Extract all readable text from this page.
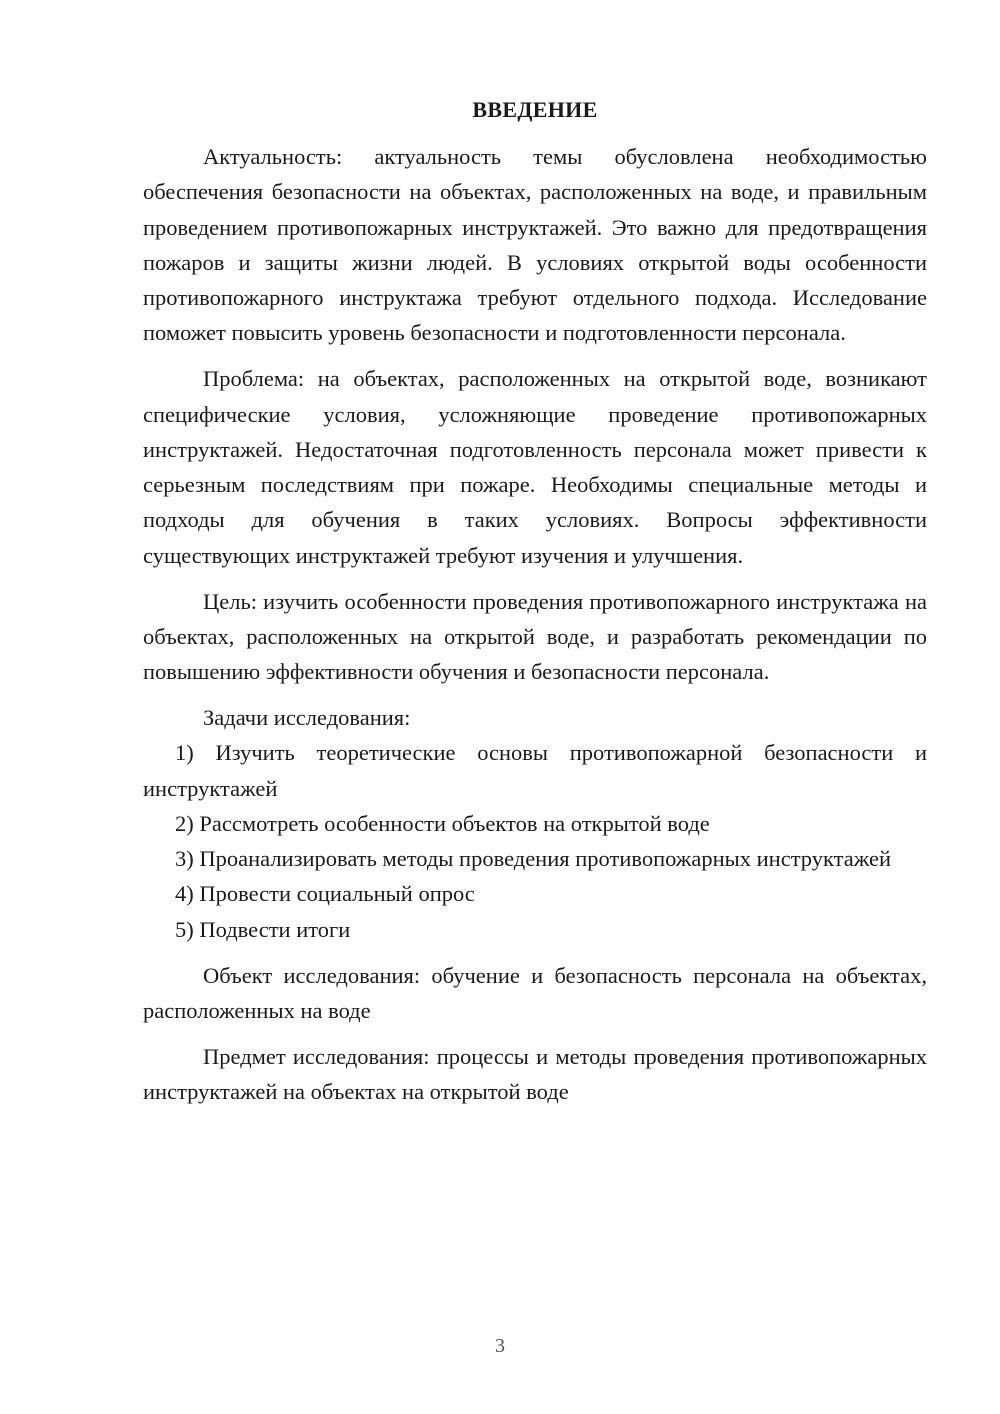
ВВЕДЕНИЕ

Актуальность: актуальность темы обусловлена необходимостью обеспечения безопасности на объектах, расположенных на воде, и правильным проведением противопожарных инструктажей. Это важно для предотвращения пожаров и защиты жизни людей. В условиях открытой воды особенности противопожарного инструктажа требуют отдельного подхода. Исследование поможет повысить уровень безопасности и подготовленности персонала.

Проблема: на объектах, расположенных на открытой воде, возникают специфические условия, усложняющие проведение противопожарных инструктажей. Недостаточная подготовленность персонала может привести к серьезным последствиям при пожаре. Необходимы специальные методы и подходы для обучения в таких условиях. Вопросы эффективности существующих инструктажей требуют изучения и улучшения.

Цель: изучить особенности проведения противопожарного инструктажа на объектах, расположенных на открытой воде, и разработать рекомендации по повышению эффективности обучения и безопасности персонала.

Задачи исследования:

1) Изучить теоретические основы противопожарной безопасности и инструктажей

2) Рассмотреть особенности объектов на открытой воде

3) Проанализировать методы проведения противопожарных инструктажей

4) Провести социальный опрос

5) Подвести итоги

Объект исследования: обучение и безопасность персонала на объектах, расположенных на воде

Предмет исследования: процессы и методы проведения противопожарных инструктажей на объектах на открытой воде

3
